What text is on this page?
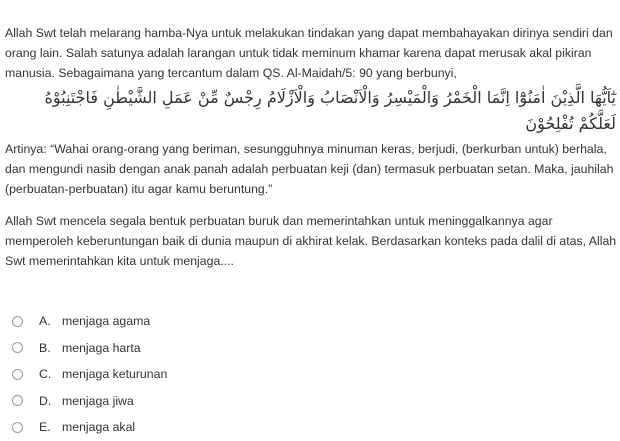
Allah Swt telah melarang hamba-Nya untuk melakukan tindakan yang dapat membahayakan dirinya sendiri dan orang lain. Salah satunya adalah larangan untuk tidak meminum khamar karena dapat merusak akal pikiran manusia. Sebagaimana yang tercantum dalam QS. Al-Maidah/5: 90 yang berbunyi,

يٰٓاَيُّهَا الَّذِيْنَ اٰمَنُوْٓا اِنَّمَا الْخَمْرُ وَالْمَيْسِرُ وَالْاَنْصَابُ وَالْاَزْلَامُ رِجْسٌ مِّنْ عَمَلِ الشَّيْطٰنِ فَاجْتَنِبُوْهُ لَعَلَّكُمْ تُفْلِحُوْنَ

Artinya: “Wahai orang-orang yang beriman, sesungguhnya minuman keras, berjudi, (berkurban untuk) berhala, dan mengundi nasib dengan anak panah adalah perbuatan keji (dan) termasuk perbuatan setan. Maka, jauhilah (perbuatan-perbuatan) itu agar kamu beruntung.”

Allah Swt mencela segala bentuk perbuatan buruk dan memerintahkan untuk meninggalkannya agar memperoleh keberuntungan baik di dunia maupun di akhirat kelak. Berdasarkan konteks pada dalil di atas, Allah Swt memerintahkan kita untuk menjaga....

A. menjaga agama
B. menjaga harta
C. menjaga keturunan
D. menjaga jiwa
E. menjaga akal
